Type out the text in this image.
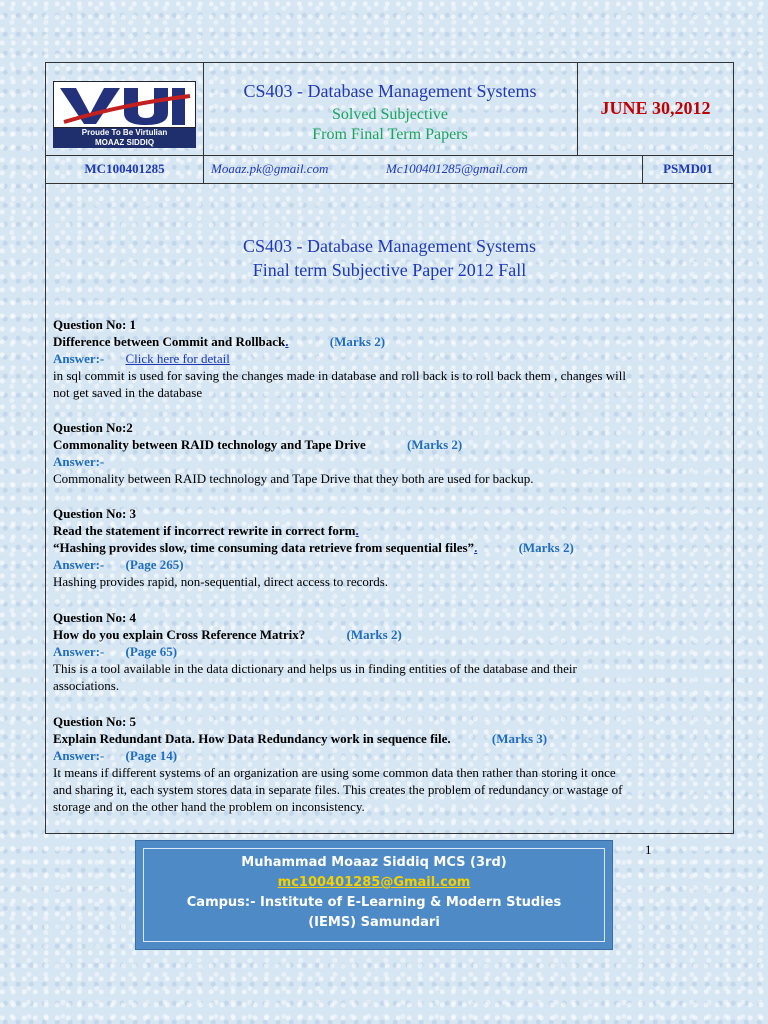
Proude To Be Virtulian
MOAAZ SIDDIQ
CS403 - Database Management Systems
Solved Subjective
From Final Term Papers
JUNE 30,2012
MC100401285	Moaaz.pk@gmail.com	Mc100401285@gmail.com	PSMD01
CS403 - Database Management Systems
Final term Subjective Paper 2012 Fall
Question No: 1
Difference between Commit and Rollback.	(Marks 2)
Answer:- Click here for detail
in sql commit is used for saving the changes made in database and roll back is to roll back them , changes will
not get saved in the database
Question No:2
Commonality between RAID technology and Tape Drive	(Marks 2)
Answer:-
Commonality between RAID technology and Tape Drive that they both are used for backup.
Question No: 3
Read the statement if incorrect rewrite in correct form.
“Hashing provides slow, time consuming data retrieve from sequential files”.	(Marks 2)
Answer:- (Page 265)
Hashing provides rapid, non-sequential, direct access to records.
Question No: 4
How do you explain Cross Reference Matrix?	(Marks 2)
Answer:- (Page 65)
This is a tool available in the data dictionary and helps us in finding entities of the database and their
associations.
Question No: 5
Explain Redundant Data. How Data Redundancy work in sequence file.	(Marks 3)
Answer:- (Page 14)
It means if different systems of an organization are using some common data then rather than storing it once
and sharing it, each system stores data in separate files. This creates the problem of redundancy or wastage of
storage and on the other hand the problem on inconsistency.
1
Muhammad Moaaz Siddiq MCS (3rd)
mc100401285@Gmail.com
Campus:- Institute of E-Learning & Modern Studies
(IEMS) Samundari
